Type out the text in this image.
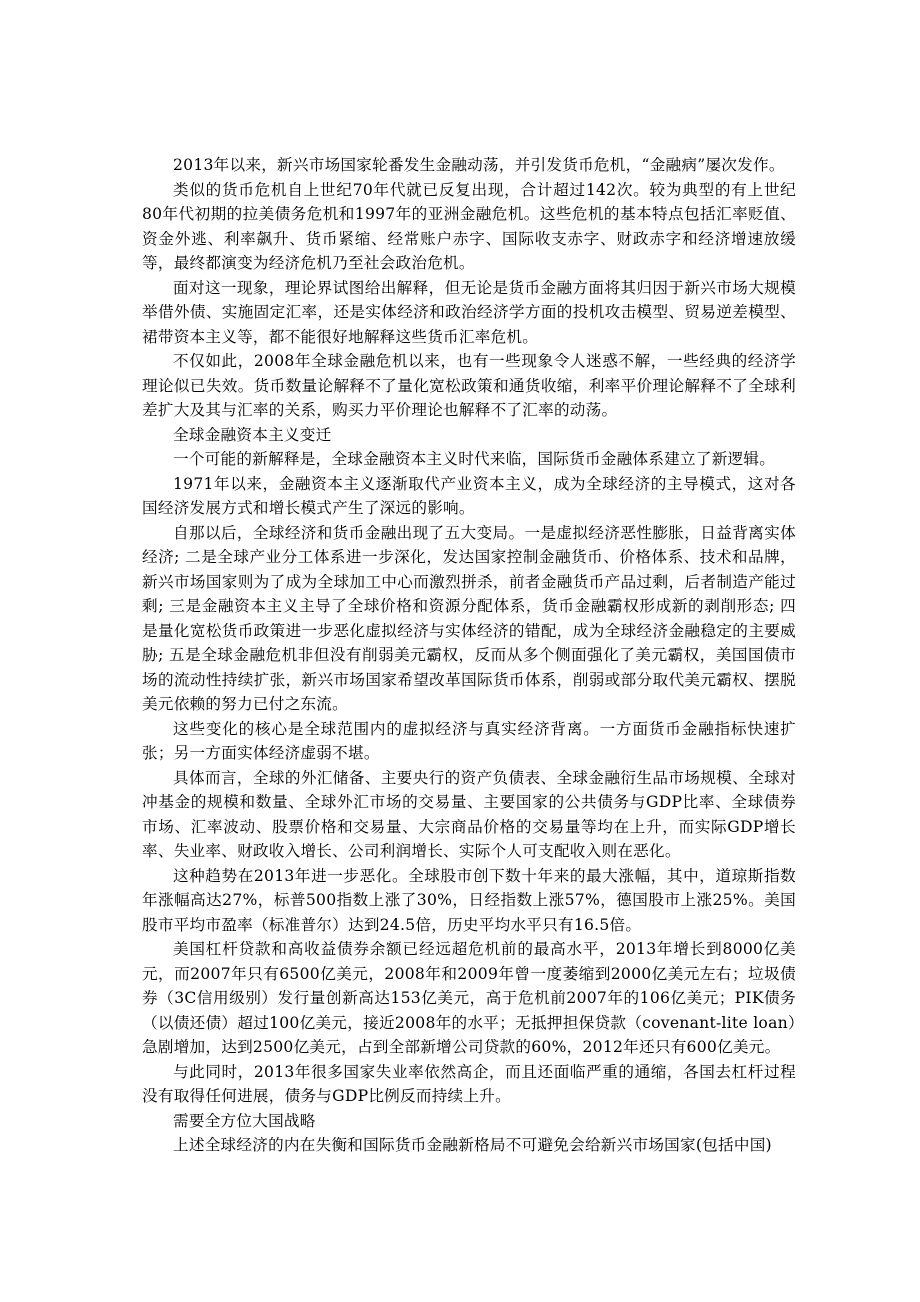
2013年以来，新兴市场国家轮番发生金融动荡，并引发货币危机，“金融病”屡次发作。

类似的货币危机自上世纪70年代就已反复出现，合计超过142次。较为典型的有上世纪80年代初期的拉美债务危机和1997年的亚洲金融危机。这些危机的基本特点包括汇率贬值、资金外逃、利率飙升、货币紧缩、经常账户赤字、国际收支赤字、财政赤字和经济增速放缓等，最终都演变为经济危机乃至社会政治危机。

面对这一现象，理论界试图给出解释，但无论是货币金融方面将其归因于新兴市场大规模举借外债、实施固定汇率，还是实体经济和政治经济学方面的投机攻击模型、贸易逆差模型、裙带资本主义等，都不能很好地解释这些货币汇率危机。

不仅如此，2008年全球金融危机以来，也有一些现象令人迷惑不解，一些经典的经济学理论似已失效。货币数量论解释不了量化宽松政策和通货收缩，利率平价理论解释不了全球利差扩大及其与汇率的关系，购买力平价理论也解释不了汇率的动荡。

全球金融资本主义变迁

一个可能的新解释是，全球金融资本主义时代来临，国际货币金融体系建立了新逻辑。

1971年以来，金融资本主义逐渐取代产业资本主义，成为全球经济的主导模式，这对各国经济发展方式和增长模式产生了深远的影响。

自那以后，全球经济和货币金融出现了五大变局。一是虚拟经济恶性膨胀，日益背离实体经济; 二是全球产业分工体系进一步深化，发达国家控制金融货币、价格体系、技术和品牌，新兴市场国家则为了成为全球加工中心而激烈拼杀，前者金融货币产品过剩，后者制造产能过剩; 三是金融资本主义主导了全球价格和资源分配体系，货币金融霸权形成新的剥削形态; 四是量化宽松货币政策进一步恶化虚拟经济与实体经济的错配，成为全球经济金融稳定的主要威胁; 五是全球金融危机非但没有削弱美元霸权，反而从多个侧面强化了美元霸权，美国国债市场的流动性持续扩张，新兴市场国家希望改革国际货币体系，削弱或部分取代美元霸权、摆脱美元依赖的努力已付之东流。

这些变化的核心是全球范围内的虚拟经济与真实经济背离。一方面货币金融指标快速扩张；另一方面实体经济虚弱不堪。

具体而言，全球的外汇储备、主要央行的资产负债表、全球金融衍生品市场规模、全球对冲基金的规模和数量、全球外汇市场的交易量、主要国家的公共债务与GDP比率、全球债券市场、汇率波动、股票价格和交易量、大宗商品价格的交易量等均在上升，而实际GDP增长率、失业率、财政收入增长、公司利润增长、实际个人可支配收入则在恶化。

这种趋势在2013年进一步恶化。全球股市创下数十年来的最大涨幅，其中，道琼斯指数年涨幅高达27%，标普500指数上涨了30%，日经指数上涨57%，德国股市上涨25%。美国股市平均市盈率（标准普尔）达到24.5倍，历史平均水平只有16.5倍。

美国杠杆贷款和高收益债券余额已经远超危机前的最高水平，2013年增长到8000亿美元，而2007年只有6500亿美元，2008年和2009年曾一度萎缩到2000亿美元左右；垃圾债券（3C信用级别）发行量创新高达153亿美元，高于危机前2007年的106亿美元；PIK债务（以债还债）超过100亿美元，接近2008年的水平；无抵押担保贷款（covenant-lite loan）急剧增加，达到2500亿美元，占到全部新增公司贷款的60%，2012年还只有600亿美元。

与此同时，2013年很多国家失业率依然高企，而且还面临严重的通缩，各国去杠杆过程没有取得任何进展，债务与GDP比例反而持续上升。

需要全方位大国战略

上述全球经济的内在失衡和国际货币金融新格局不可避免会给新兴市场国家(包括中国)
